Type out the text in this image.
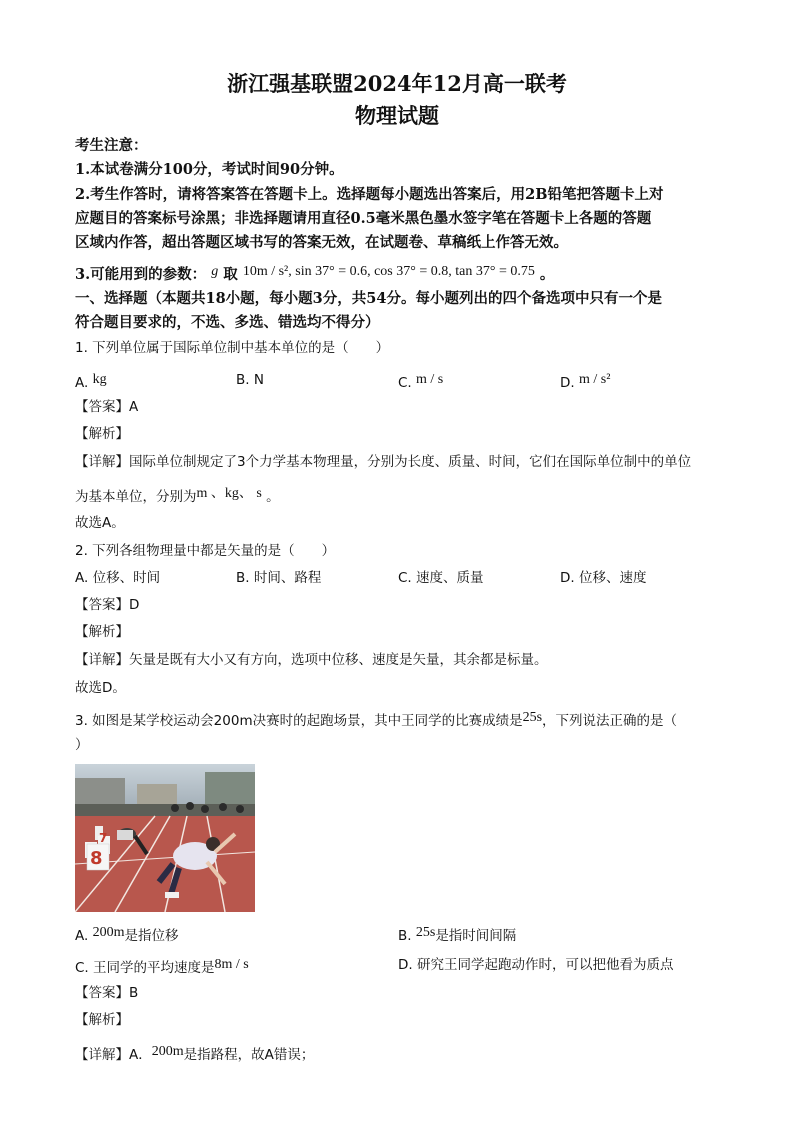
浙江强基联盟2024年12月高一联考
物理试题
考生注意：
1.本试卷满分100分，考试时间90分钟。
2.考生作答时，请将答案答在答题卡上。选择题每小题选出答案后，用2B铅笔把答题卡上对
应题目的答案标号涂黑；非选择题请用直径0.5毫米黑色墨水签字笔在答题卡上各题的答题
区域内作答，超出答题区域书写的答案无效，在试题卷、草稿纸上作答无效。
3.可能用到的参数： g 取 10m / s², sin 37° = 0.6, cos 37° = 0.8, tan 37° = 0.75 。
一、选择题（本题共18小题，每小题3分，共54分。每小题列出的四个备选项中只有一个是
符合题目要求的，不选、多选、错选均不得分）
1. 下列单位属于国际单位制中基本单位的是（　　）
A. kg	B. N	C. m / s	D. m / s²
【答案】A
【解析】
【详解】国际单位制规定了3个力学基本物理量，分别为长度、质量、时间，它们在国际单位制中的单位
为基本单位，分别为m 、kg、 s 。
故选A。
2. 下列各组物理量中都是矢量的是（　　）
A. 位移、时间	B. 时间、路程	C. 速度、质量	D. 位移、速度
【答案】D
【解析】
【详解】矢量是既有大小又有方向，选项中位移、速度是矢量，其余都是标量。
故选D。
3. 如图是某学校运动会200m决赛时的起跑场景，其中王同学的比赛成绩是25s，下列说法正确的是（
）
8
7
A. 200m是指位移	B. 25s是指时间间隔
C. 王同学的平均速度是8m / s	D. 研究王同学起跑动作时，可以把他看为质点
【答案】B
【解析】
【详解】A．200m是指路程，故A错误；
